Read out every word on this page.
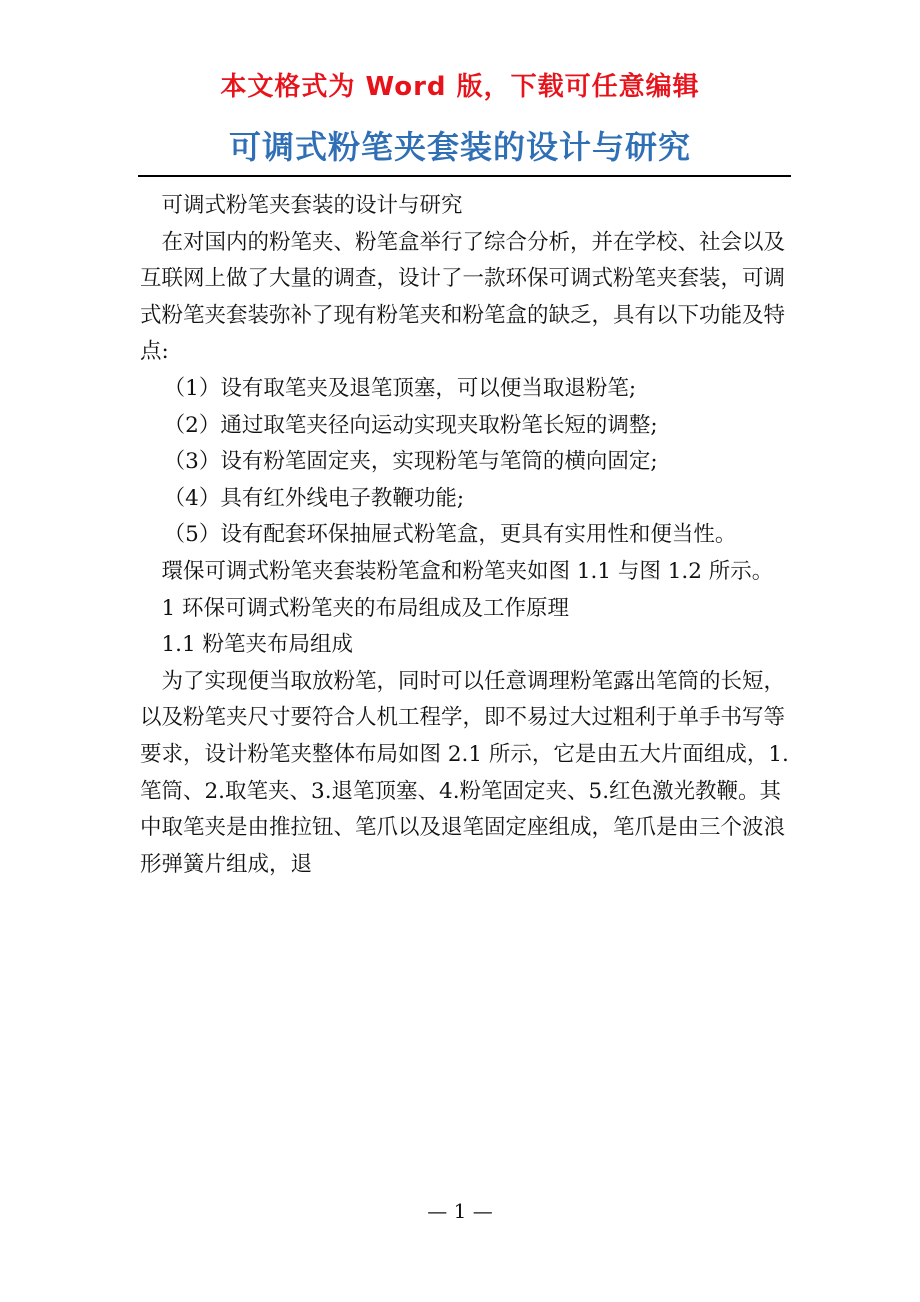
本文格式为 Word 版，下载可任意编辑
可调式粉笔夹套装的设计与研究

可调式粉笔夹套装的设计与研究

在对国内的粉笔夹、粉笔盒举行了综合分析，并在学校、社会以及互联网上做了大量的调查，设计了一款环保可调式粉笔夹套装，可调式粉笔夹套装弥补了现有粉笔夹和粉笔盒的缺乏，具有以下功能及特点:

（1）设有取笔夹及退笔顶塞，可以便当取退粉笔;

（2）通过取笔夹径向运动实现夹取粉笔长短的调整;

（3）设有粉笔固定夹，实现粉笔与笔筒的横向固定;

（4）具有红外线电子教鞭功能;

（5）设有配套环保抽屉式粉笔盒，更具有实用性和便当性。

環保可调式粉笔夹套装粉笔盒和粉笔夹如图 1.1 与图 1.2 所示。

1 环保可调式粉笔夹的布局组成及工作原理

1.1 粉笔夹布局组成

为了实现便当取放粉笔，同时可以任意调理粉笔露出笔筒的长短，以及粉笔夹尺寸要符合人机工程学，即不易过大过粗利于单手书写等要求，设计粉笔夹整体布局如图 2.1 所示，它是由五大片面组成，1.笔筒、2.取笔夹、3.退笔顶塞、4.粉笔固定夹、5.红色激光教鞭。其中取笔夹是由推拉钮、笔爪以及退笔固定座组成，笔爪是由三个波浪形弹簧片组成，退

— 1 —
